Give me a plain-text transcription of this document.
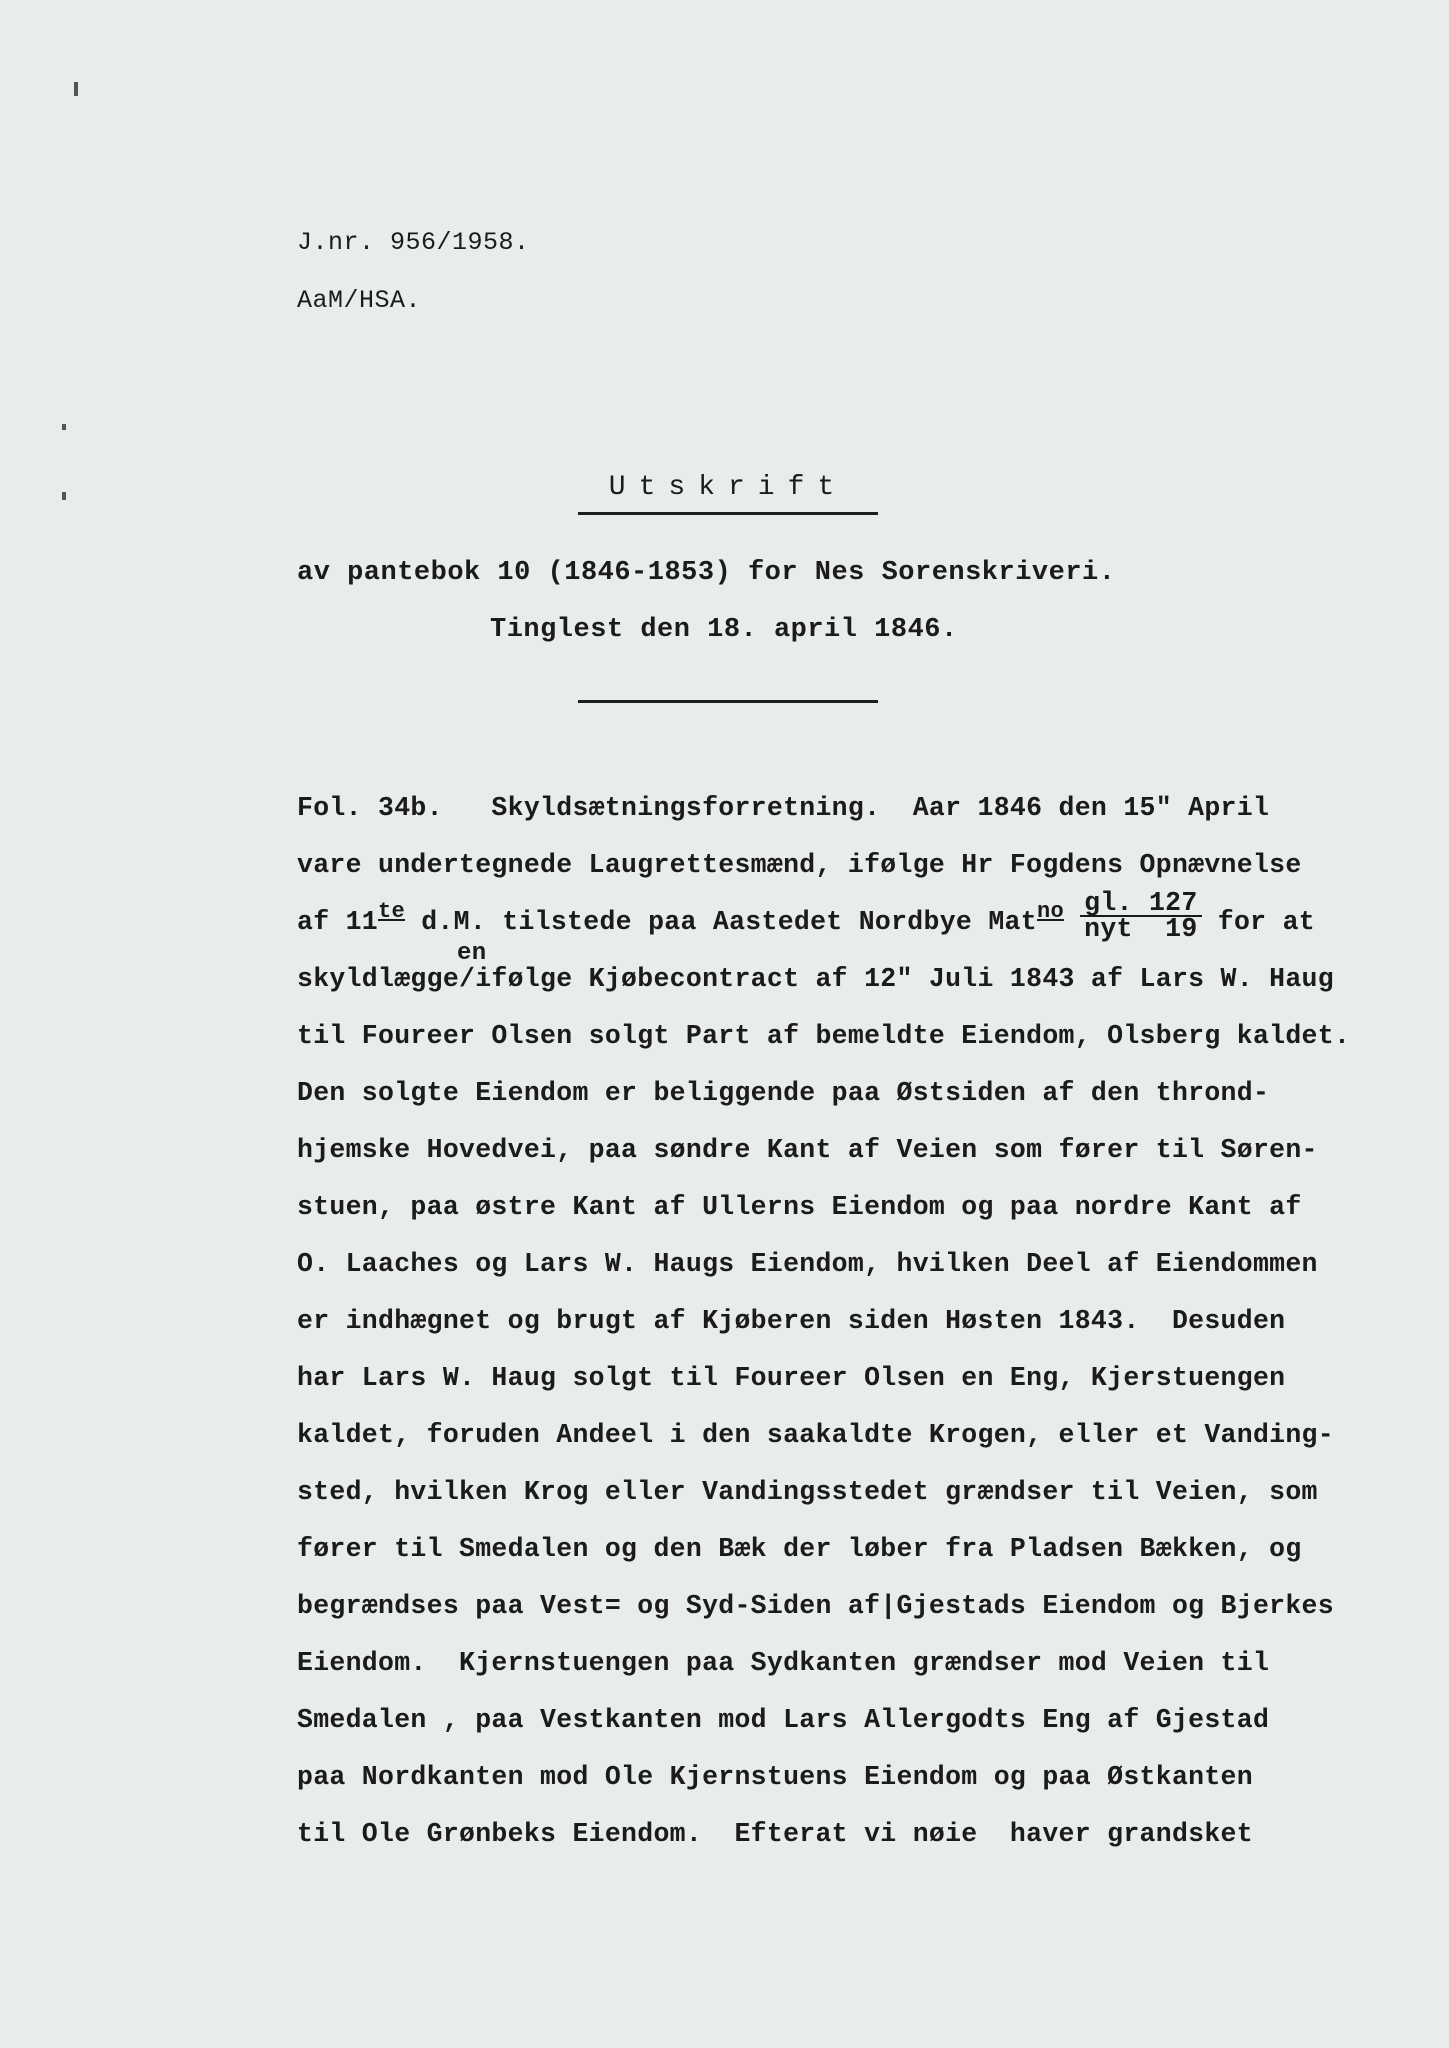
J.nr. 956/1958.
AaM/HSA.
Utskrift
av pantebok 10 (1846-1853) for Nes Sorenskriveri.
Tinglest den 18. april 1846.
Fol. 34b.   Skyldsætningsforretning.  Aar 1846 den 15" April
vare undertegnede Laugrettesmænd, ifølge Hr Fogdens Opnævnelse
af $11^{te}$ d.M. tilstede paa Aastedet Nordbye $Mat^{no} \frac{gl. 127}{\text{nyt  19}}$ for at
en
skyldlægge/ifølge Kjøbecontract af 12" Juli 1843 af Lars W. Haug
til Foureer Olsen solgt Part af bemeldte Eiendom, Olsberg kaldet.
Den solgte Eiendom er beliggende paa Østsiden af den thrond-
hjemske Hovedvei, paa søndre Kant af Veien som fører til Søren-
stuen, paa østre Kant af Ullerns Eiendom og paa nordre Kant af
O. Laaches og Lars W. Haugs Eiendom, hvilken Deel af Eiendommen
er indhægnet og brugt af Kjøberen siden Høsten 1843.  Desuden
har Lars W. Haug solgt til Foureer Olsen en Eng, Kjerstuengen
kaldet, foruden Andeel i den saakaldte Krogen, eller et Vanding-
sted, hvilken Krog eller Vandingsstedet grændser til Veien, som
fører til Smedalen og den Bæk der løber fra Pladsen Bækken, og
begrændses paa Vest= og Syd-Siden af|Gjestads Eiendom og Bjerkes
Eiendom.  Kjernstuengen paa Sydkanten grændser mod Veien til
Smedalen , paa Vestkanten mod Lars Allergodts Eng af Gjestad
paa Nordkanten mod Ole Kjernstuens Eiendom og paa Østkanten
til Ole Grønbeks Eiendom.  Efterat vi nøie  haver grandsket
